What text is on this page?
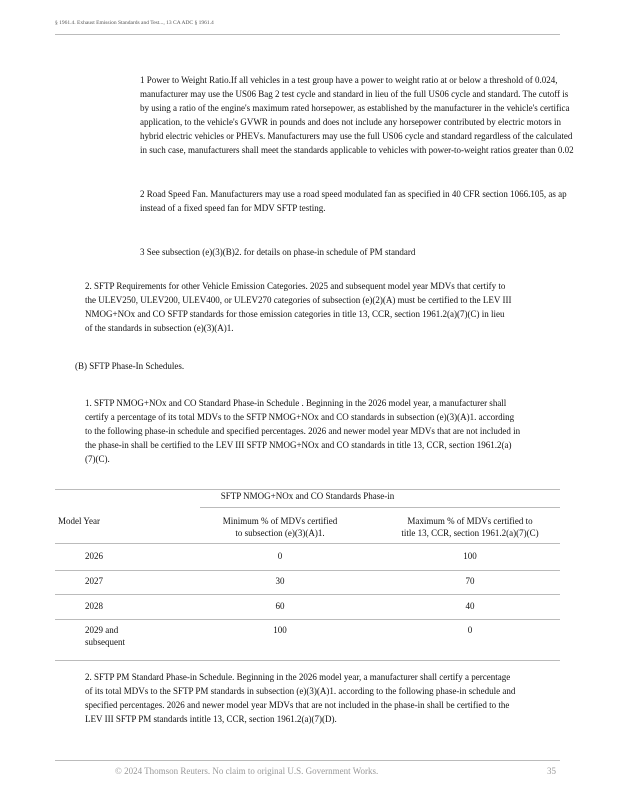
§ 1961.4. Exhaust Emission Standards and Test..., 13 CA ADC § 1961.4
1 Power to Weight Ratio.If all vehicles in a test group have a power to weight ratio at or below a threshold of 0.024,
manufacturer may use the US06 Bag 2 test cycle and standard in lieu of the full US06 cycle and standard. The cutoff is
by using a ratio of the engine's maximum rated horsepower, as established by the manufacturer in the vehicle's certifica
application, to the vehicle's GVWR in pounds and does not include any horsepower contributed by electric motors in
hybrid electric vehicles or PHEVs. Manufacturers may use the full US06 cycle and standard regardless of the calculated
in such case, manufacturers shall meet the standards applicable to vehicles with power-to-weight ratios greater than 0.02
2 Road Speed Fan. Manufacturers may use a road speed modulated fan as specified in 40 CFR section 1066.105, as ap
instead of a fixed speed fan for MDV SFTP testing.
3 See subsection (e)(3)(B)2. for details on phase-in schedule of PM standard
2. SFTP Requirements for other Vehicle Emission Categories. 2025 and subsequent model year MDVs that certify to
the ULEV250, ULEV200, ULEV400, or ULEV270 categories of subsection (e)(2)(A) must be certified to the LEV III
NMOG+NOx and CO SFTP standards for those emission categories in title 13, CCR, section 1961.2(a)(7)(C) in lieu
of the standards in subsection (e)(3)(A)1.
(B) SFTP Phase-In Schedules.
1. SFTP NMOG+NOx and CO Standard Phase-in Schedule . Beginning in the 2026 model year, a manufacturer shall
certify a percentage of its total MDVs to the SFTP NMOG+NOx and CO standards in subsection (e)(3)(A)1. according
to the following phase-in schedule and specified percentages. 2026 and newer model year MDVs that are not included in
the phase-in shall be certified to the LEV III SFTP NMOG+NOx and CO standards in title 13, CCR, section 1961.2(a)
(7)(C).
SFTP NMOG+NOx and CO Standards Phase-in
Model Year	Minimum % of MDVs certified
to subsection (e)(3)(A)1.
Maximum % of MDVs certified to
title 13, CCR, section 1961.2(a)(7)(C)
2026	0	100
2027	30	70
2028	60	40
2029 and
subsequent
100	0
2. SFTP PM Standard Phase-in Schedule. Beginning in the 2026 model year, a manufacturer shall certify a percentage
of its total MDVs to the SFTP PM standards in subsection (e)(3)(A)1. according to the following phase-in schedule and
specified percentages. 2026 and newer model year MDVs that are not included in the phase-in shall be certified to the
LEV III SFTP PM standards intitle 13, CCR, section 1961.2(a)(7)(D).
© 2024 Thomson Reuters. No claim to original U.S. Government Works.	35
